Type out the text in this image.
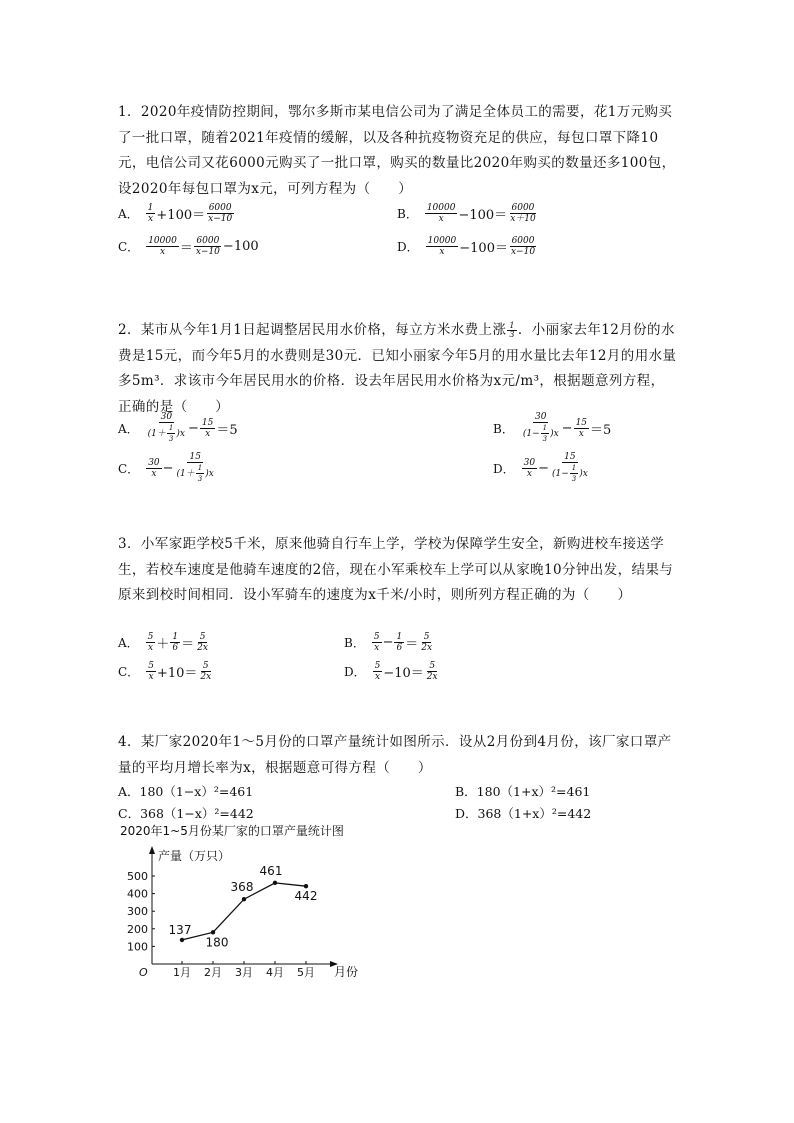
1．2020年疫情防控期间，鄂尔多斯市某电信公司为了满足全体员工的需要，花1万元购买了一批口罩，随着2021年疫情的缓解，以及各种抗疫物资充足的供应，每包口罩下降10元，电信公司又花6000元购买了一批口罩，购买的数量比2020年购买的数量还多100包，设2020年每包口罩为x元，可列方程为（　　）

A． 1
x +100＝ 6000
x−10	B． 10000
x −100＝ 6000
x＋10
C． 10000
x ＝ 6000
x−10 −100	D． 10000
x −100＝ 6000
x−10

2．某市从今年1月1日起调整居民用水价格，每立方米水费上涨 $\frac{1}{3}$ ．小丽家去年12月份的水费是15元，而今年5月的水费则是30元．已知小丽家今年5月的用水量比去年12月的用水量多5m³．求该市今年居民用水的价格．设去年居民用水价格为x元/m³，根据题意列方程，正确的是（　　）

A．
30
$(1+ \frac{1}{3} )x - \frac{15}{x} =5$	B．
30
$(1- \frac{1}{3} )x - \frac{15}{x} =5$
C． 30
$x - \frac{15}{(1+ \frac{1}{3} )x}$	D． 30
$x - \frac{15}{(1- \frac{1}{3} )x}$

3．小军家距学校5千米，原来他骑自行车上学，学校为保障学生安全，新购进校车接送学生，若校车速度是他骑车速度的2倍，现在小军乘校车上学可以从家晚10分钟出发，结果与原来到校时间相同．设小军骑车的速度为x千米/小时，则所列方程正确的为（　　）

A． 5
x ＋ 1
6 ＝ 5
2x	B． 5
$x - \frac{1}{6} = 5$
2x
C． 5
x +10＝ 5
2x	D． 5
x −10＝ 5
2x

4．某厂家2020年1～5月份的口罩产量统计如图所示．设从2月份到4月份，该厂家口罩产量的平均月增长率为x，根据题意可得方程（　　）

A．180（1−x）²=461	B．180（1+x）²=461
C．368（1−x）²=442	D．368（1+x）²=442
2020年1~5月份某厂家的口罩产量统计图
产量（万只）
月份
O
100
200
300
400
500
1月 2月 3月 4月 5月
137
180
368
461
442
